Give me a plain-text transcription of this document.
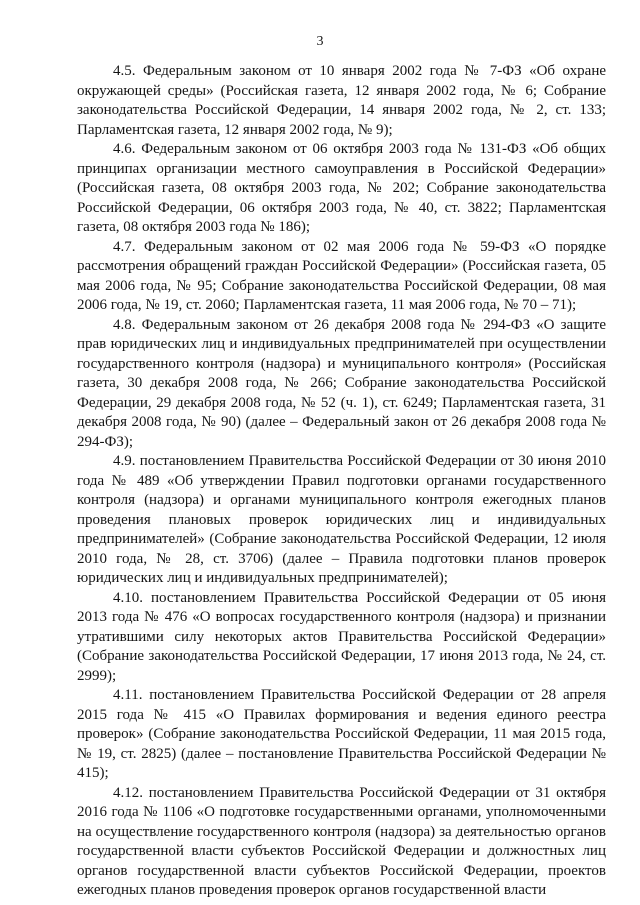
3

4.5. Федеральным законом от 10 января 2002 года № 7-ФЗ «Об охране окружающей среды» (Российская газета, 12 января 2002 года, № 6; Собрание законодательства Российской Федерации, 14 января 2002 года, № 2, ст. 133; Парламентская газета, 12 января 2002 года, № 9);

4.6. Федеральным законом от 06 октября 2003 года № 131-ФЗ «Об общих принципах организации местного самоуправления в Российской Федерации» (Российская газета, 08 октября 2003 года, № 202; Собрание законодательства Российской Федерации, 06 октября 2003 года, № 40, ст. 3822; Парламентская газета, 08 октября 2003 года № 186);

4.7. Федеральным законом от 02 мая 2006 года № 59-ФЗ «О порядке рассмотрения обращений граждан Российской Федерации» (Российская газета, 05 мая 2006 года, № 95; Собрание законодательства Российской Федерации, 08 мая 2006 года, № 19, ст. 2060; Парламентская газета, 11 мая 2006 года, № 70 – 71);

4.8. Федеральным законом от 26 декабря 2008 года № 294-ФЗ «О защите прав юридических лиц и индивидуальных предпринимателей при осуществлении государственного контроля (надзора) и муниципального контроля» (Российская газета, 30 декабря 2008 года, № 266; Собрание законодательства Российской Федерации, 29 декабря 2008 года, № 52 (ч. 1), ст. 6249; Парламентская газета, 31 декабря 2008 года, № 90) (далее – Федеральный закон от 26 декабря 2008 года № 294-ФЗ);

4.9. постановлением Правительства Российской Федерации от 30 июня 2010 года № 489 «Об утверждении Правил подготовки органами государственного контроля (надзора) и органами муниципального контроля ежегодных планов проведения плановых проверок юридических лиц и индивидуальных предпринимателей» (Собрание законодательства Российской Федерации, 12 июля 2010 года, № 28, ст. 3706) (далее – Правила подготовки планов проверок юридических лиц и индивидуальных предпринимателей);

4.10. постановлением Правительства Российской Федерации от 05 июня 2013 года № 476 «О вопросах государственного контроля (надзора) и признании утратившими силу некоторых актов Правительства Российской Федерации» (Собрание законодательства Российской Федерации, 17 июня 2013 года, № 24, ст. 2999);

4.11. постановлением Правительства Российской Федерации от 28 апреля 2015 года № 415 «О Правилах формирования и ведения единого реестра проверок» (Собрание законодательства Российской Федерации, 11 мая 2015 года, № 19, ст. 2825) (далее – постановление Правительства Российской Федерации № 415);

4.12. постановлением Правительства Российской Федерации от 31 октября 2016 года № 1106 «О подготовке государственными органами, уполномоченными на осуществление государственного контроля (надзора) за деятельностью органов государственной власти субъектов Российской Федерации и должностных лиц органов государственной власти субъектов Российской Федерации, проектов ежегодных планов проведения проверок органов государственной власти
